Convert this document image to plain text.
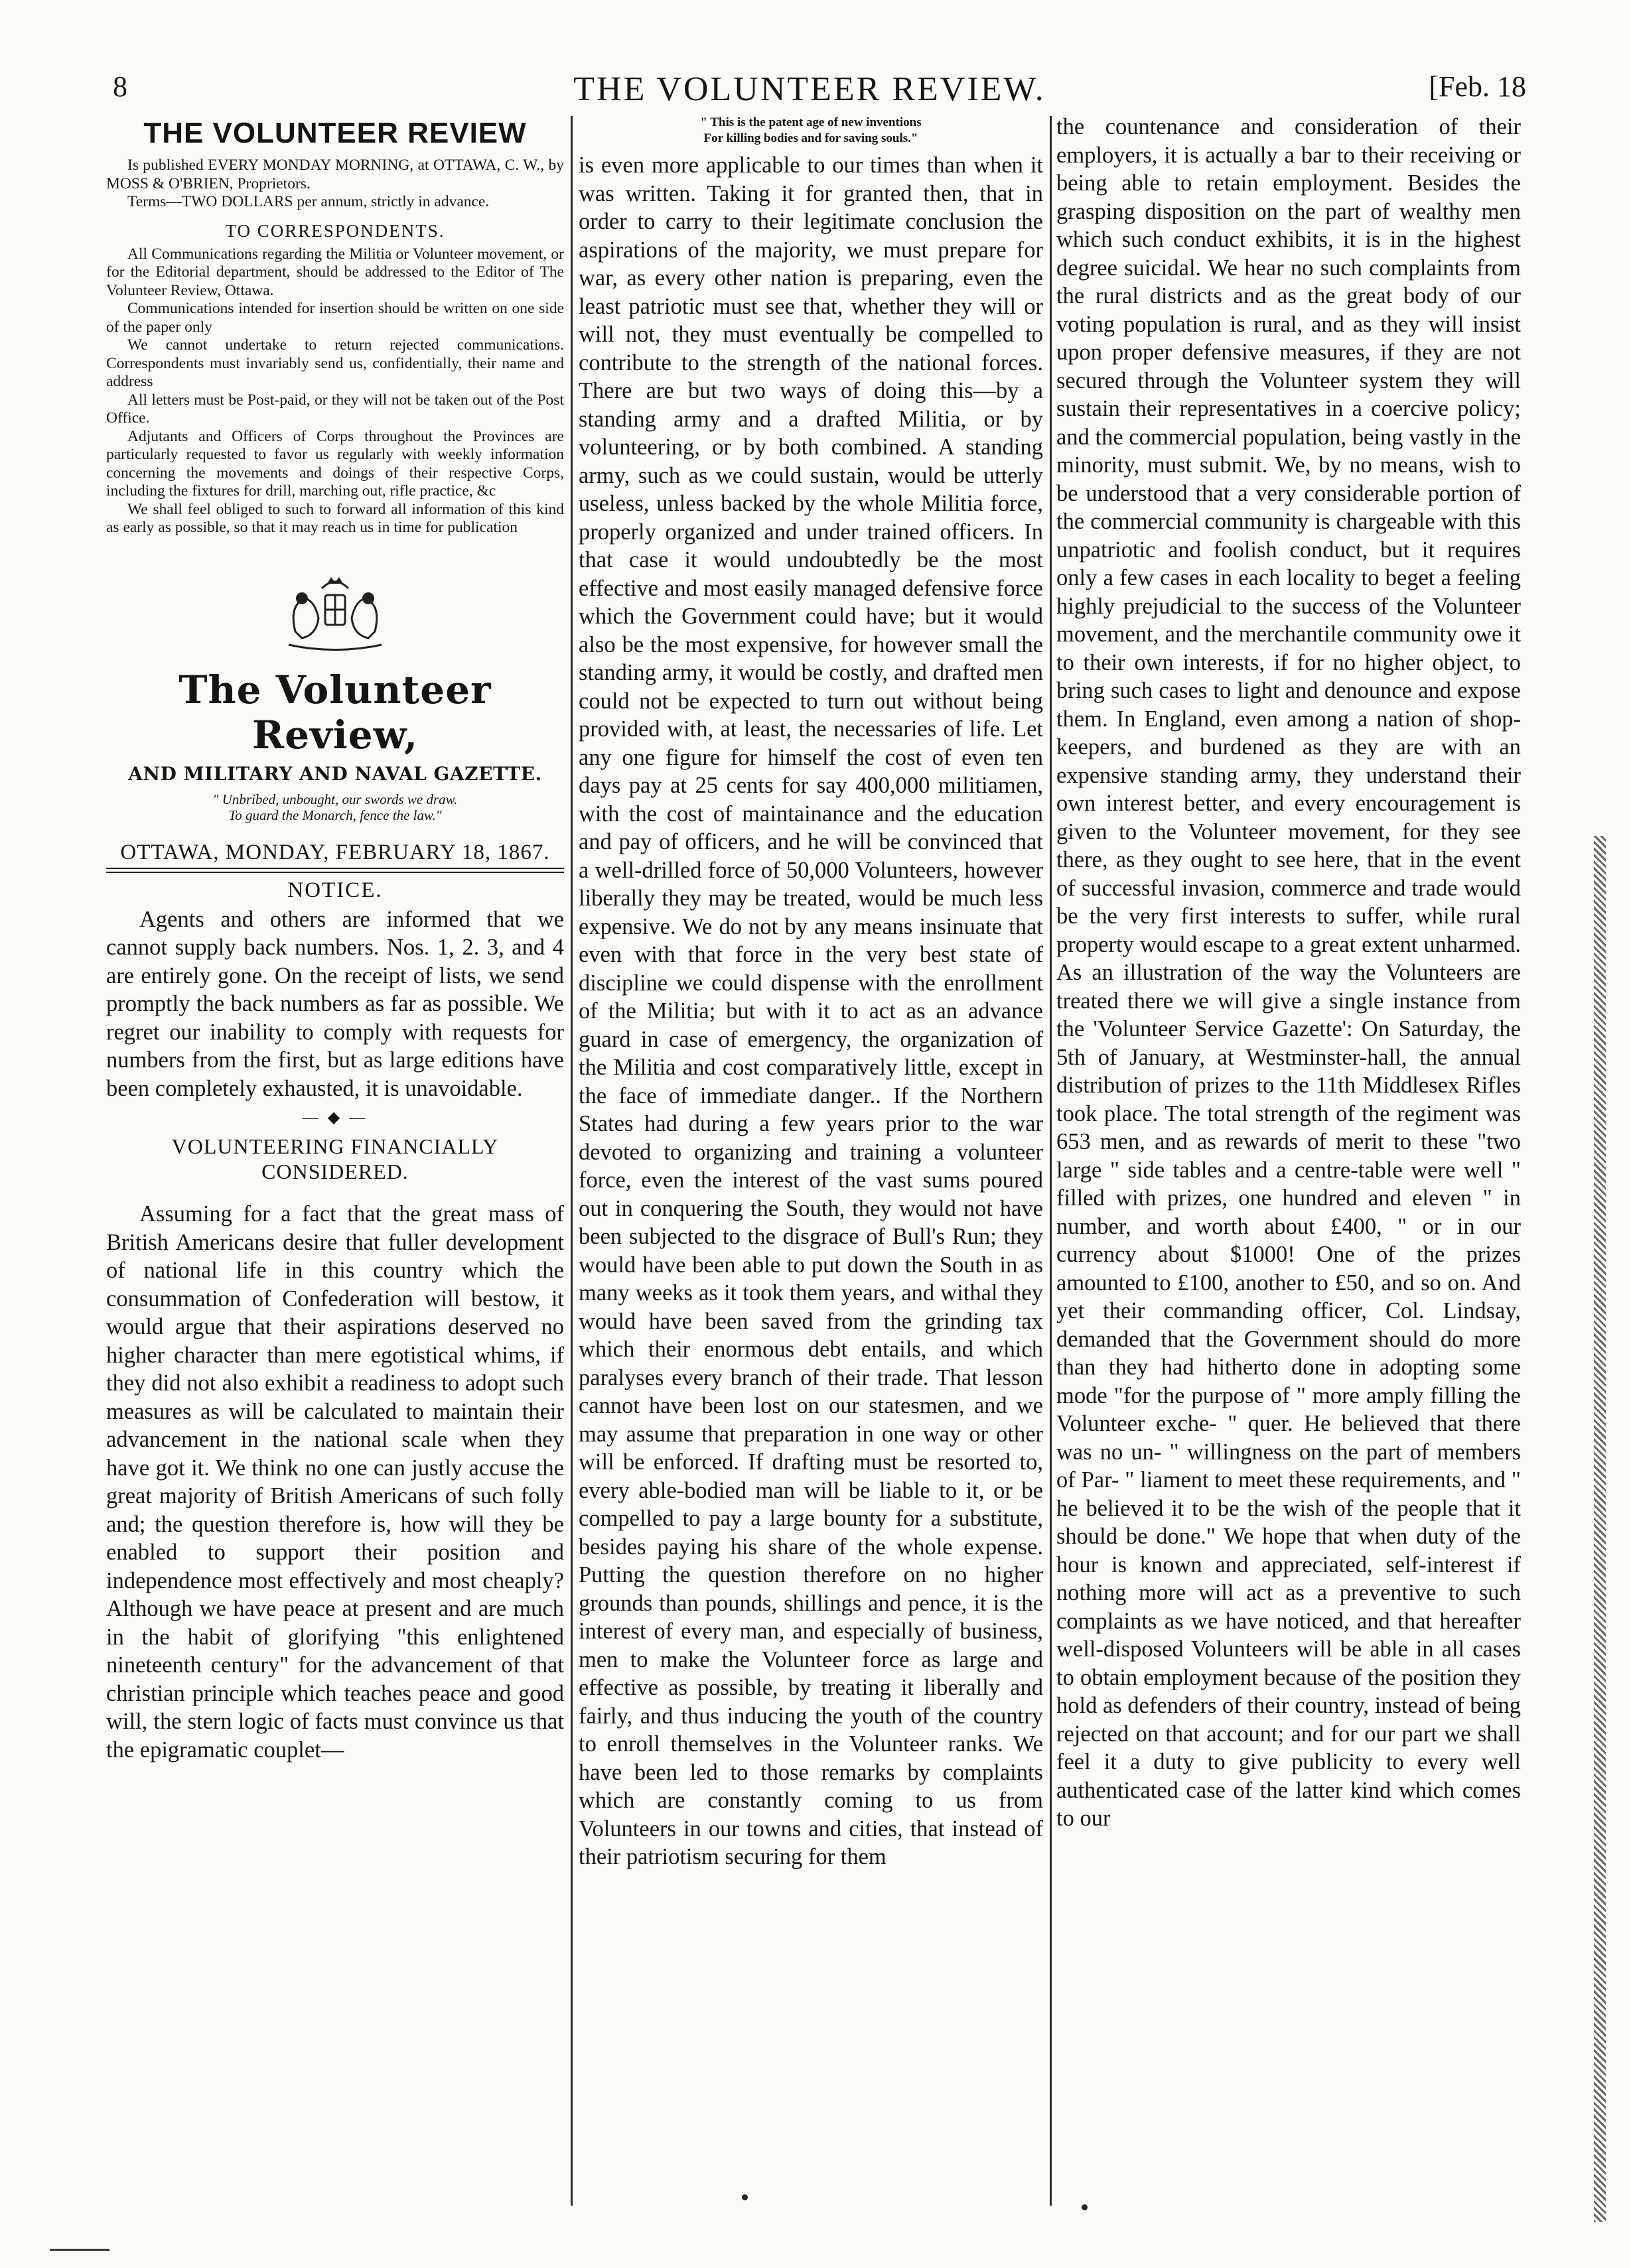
8	THE VOLUNTEER REVIEW.	[Feb. 18
THE VOLUNTEER REVIEW

Is published EVERY MONDAY MORNING, at OTTAWA, C. W., by MOSS & O'BRIEN, Proprietors.

Terms—TWO DOLLARS per annum, strictly in advance.

TO CORRESPONDENTS.

All Communications regarding the Militia or Volunteer movement, or for the Editorial department, should be addressed to the Editor of The Volunteer Review, Ottawa.

Communications intended for insertion should be written on one side of the paper only

We cannot undertake to return rejected communications. Correspondents must invariably send us, confidentially, their name and address

All letters must be Post-paid, or they will not be taken out of the Post Office.

Adjutants and Officers of Corps throughout the Provinces are particularly requested to favor us regularly with weekly information concerning the movements and doings of their respective Corps, including the fixtures for drill, marching out, rifle practice, &c

We shall feel obliged to such to forward all information of this kind as early as possible, so that it may reach us in time for publication

The Volunteer Review,
AND MILITARY AND NAVAL GAZETTE.

" Unbribed, unbought, our swords we draw.

To guard the Monarch, fence the law."

OTTAWA, MONDAY, FEBRUARY 18, 1867.
NOTICE.

Agents and others are informed that we cannot supply back numbers. Nos. 1, 2. 3, and 4 are entirely gone. On the receipt of lists, we send promptly the back numbers as far as possible. We regret our inability to comply with requests for numbers from the first, but as large editions have been completely exhausted, it is unavoidable.

— ◆ —
VOLUNTEERING FINANCIALLY CONSIDERED.

Assuming for a fact that the great mass of British Americans desire that fuller development of national life in this country which the consummation of Confederation will bestow, it would argue that their aspirations deserved no higher character than mere egotistical whims, if they did not also exhibit a readiness to adopt such measures as will be calculated to maintain their advancement in the national scale when they have got it. We think no one can justly accuse the great majority of British Americans of such folly and; the question therefore is, how will they be enabled to support their position and independence most effectively and most cheaply? Although we have peace at present and are much in the habit of glorifying "this enlightened nineteenth century" for the advancement of that christian principle which teaches peace and good will, the stern logic of facts must convince us that the epigramatic couplet—

" This is the patent age of new inventions

For killing bodies and for saving souls."

is even more applicable to our times than when it was written. Taking it for granted then, that in order to carry to their legitimate conclusion the aspirations of the majority, we must prepare for war, as every other nation is preparing, even the least patriotic must see that, whether they will or will not, they must eventually be compelled to contribute to the strength of the national forces. There are but two ways of doing this—by a standing army and a drafted Militia, or by volunteering, or by both combined. A standing army, such as we could sustain, would be utterly useless, unless backed by the whole Militia force, properly organized and under trained officers. In that case it would undoubtedly be the most effective and most easily managed defensive force which the Government could have; but it would also be the most expensive, for however small the standing army, it would be costly, and drafted men could not be expected to turn out without being provided with, at least, the necessaries of life. Let any one figure for himself the cost of even ten days pay at 25 cents for say 400,000 militiamen, with the cost of maintainance and the education and pay of officers, and he will be convinced that a well-drilled force of 50,000 Volunteers, however liberally they may be treated, would be much less expensive. We do not by any means insinuate that even with that force in the very best state of discipline we could dispense with the enrollment of the Militia; but with it to act as an advance guard in case of emergency, the organization of the Militia and cost comparatively little, except in the face of immediate danger.. If the Northern States had during a few years prior to the war devoted to organizing and training a volunteer force, even the interest of the vast sums poured out in conquering the South, they would not have been subjected to the disgrace of Bull's Run; they would have been able to put down the South in as many weeks as it took them years, and withal they would have been saved from the grinding tax which their enormous debt entails, and which paralyses every branch of their trade. That lesson cannot have been lost on our statesmen, and we may assume that preparation in one way or other will be enforced. If drafting must be resorted to, every able-bodied man will be liable to it, or be compelled to pay a large bounty for a substitute, besides paying his share of the whole expense. Putting the question therefore on no higher grounds than pounds, shillings and pence, it is the interest of every man, and especially of business, men to make the Volunteer force as large and effective as possible, by treating it liberally and fairly, and thus inducing the youth of the country to enroll themselves in the Volunteer ranks. We have been led to those remarks by complaints which are constantly coming to us from Volunteers in our towns and cities, that instead of their patriotism securing for them

the countenance and consideration of their employers, it is actually a bar to their receiving or being able to retain employment. Besides the grasping disposition on the part of wealthy men which such conduct exhibits, it is in the highest degree suicidal. We hear no such complaints from the rural districts and as the great body of our voting population is rural, and as they will insist upon proper defensive measures, if they are not secured through the Volunteer system they will sustain their representatives in a coercive policy; and the commercial population, being vastly in the minority, must submit. We, by no means, wish to be understood that a very considerable portion of the commercial community is chargeable with this unpatriotic and foolish conduct, but it requires only a few cases in each locality to beget a feeling highly prejudicial to the success of the Volunteer movement, and the merchantile community owe it to their own interests, if for no higher object, to bring such cases to light and denounce and expose them. In England, even among a nation of shop-keepers, and burdened as they are with an expensive standing army, they understand their own interest better, and every encouragement is given to the Volunteer movement, for they see there, as they ought to see here, that in the event of successful invasion, commerce and trade would be the very first interests to suffer, while rural property would escape to a great extent unharmed. As an illustration of the way the Volunteers are treated there we will give a single instance from the 'Volunteer Service Gazette': On Saturday, the 5th of January, at Westminster-hall, the annual distribution of prizes to the 11th Middlesex Rifles took place. The total strength of the regiment was 653 men, and as rewards of merit to these "two large " side tables and a centre-table were well " filled with prizes, one hundred and eleven " in number, and worth about £400, " or in our currency about $1000! One of the prizes amounted to £100, another to £50, and so on. And yet their commanding officer, Col. Lindsay, demanded that the Government should do more than they had hitherto done in adopting some mode "for the purpose of " more amply filling the Volunteer exche- " quer. He believed that there was no un- " willingness on the part of members of Par- " liament to meet these requirements, and " he believed it to be the wish of the people that it should be done." We hope that when duty of the hour is known and appreciated, self-interest if nothing more will act as a preventive to such complaints as we have noticed, and that hereafter well-disposed Volunteers will be able in all cases to obtain employment because of the position they hold as defenders of their country, instead of being rejected on that account; and for our part we shall feel it a duty to give publicity to every well authenticated case of the latter kind which comes to our
